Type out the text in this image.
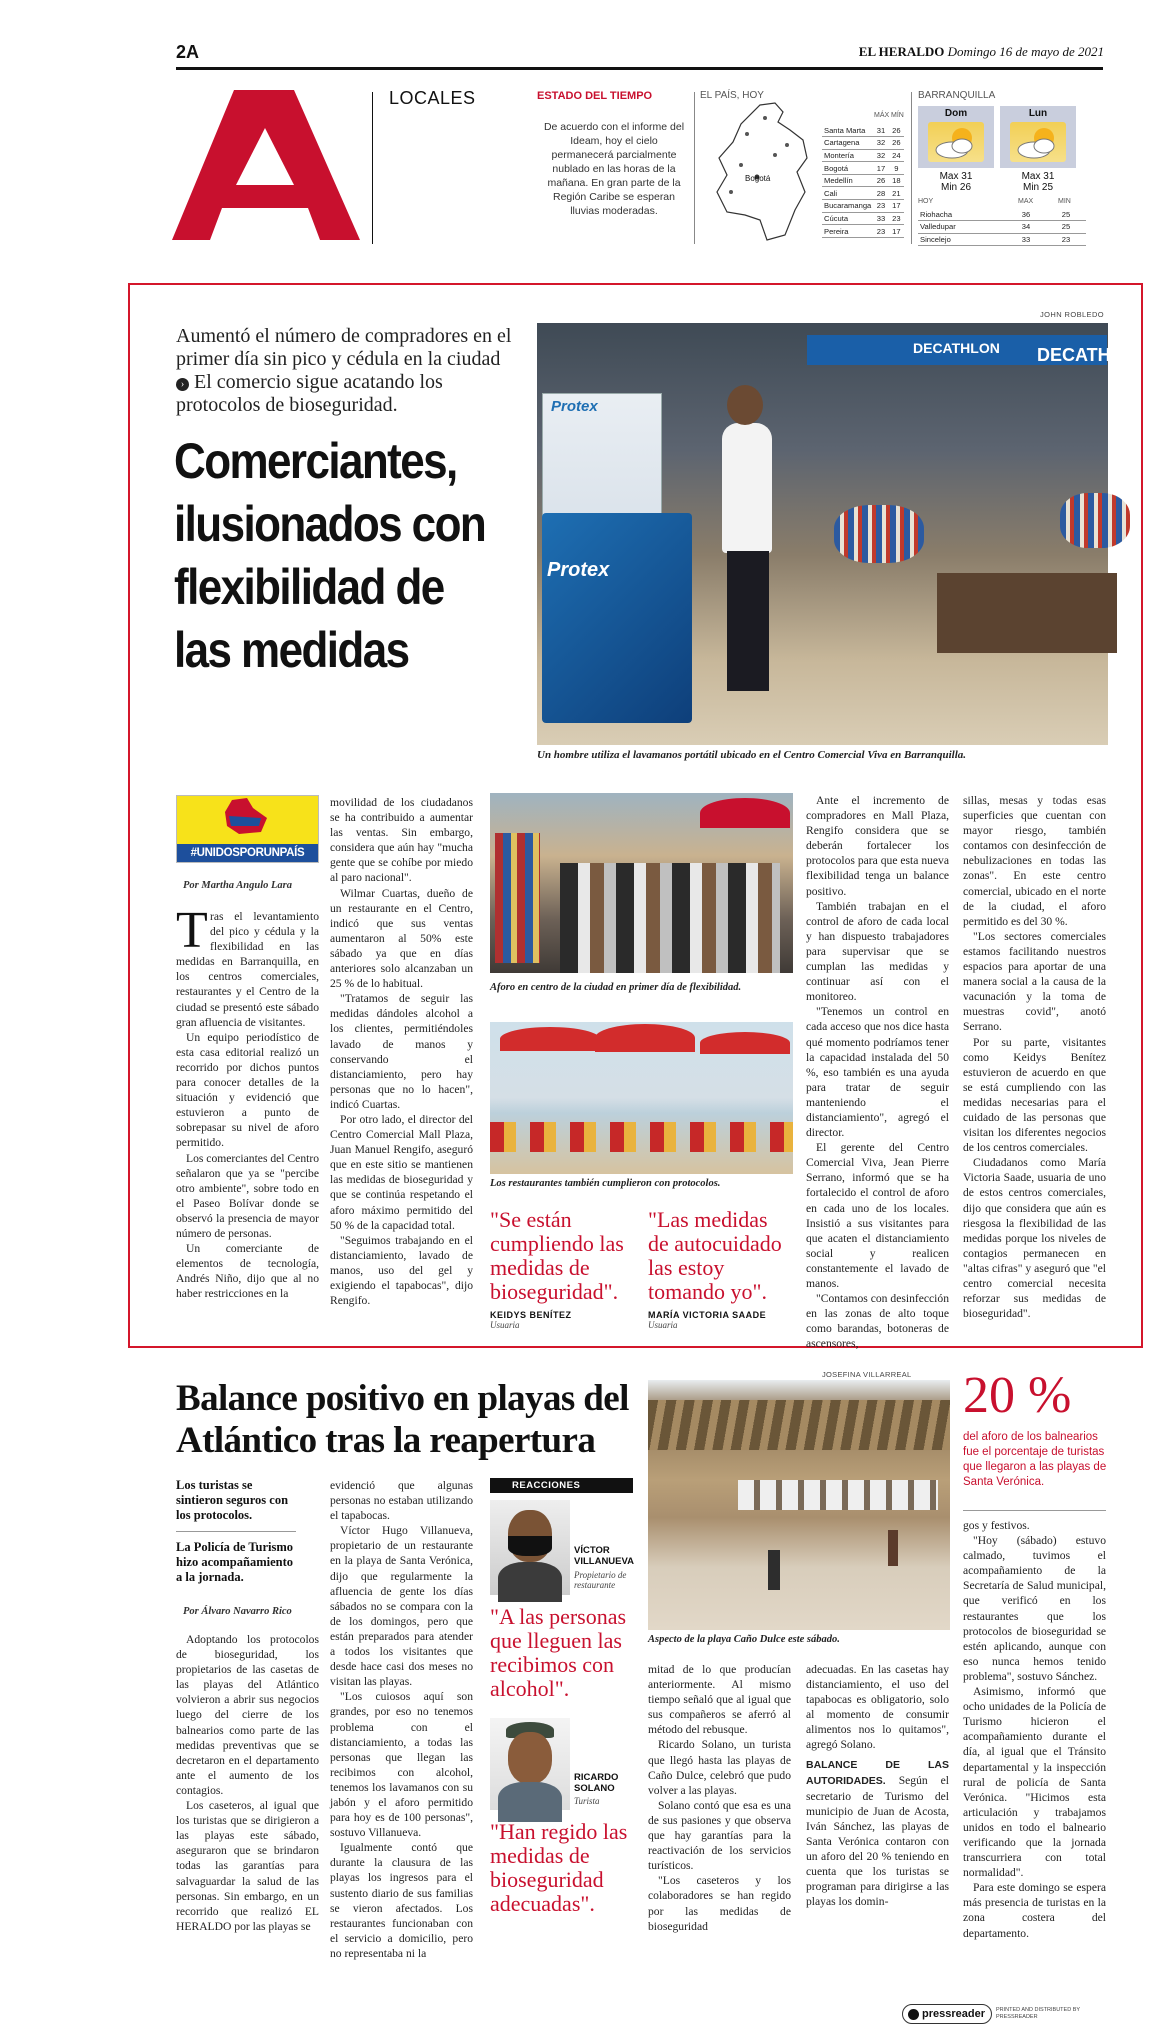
2A	EL HERALDO Domingo 16 de mayo de 2021
LOCALES	ESTADO DEL TIEMPO
De acuerdo con el informe del Ideam, hoy el cielo permanecerá parcialmente nublado en las horas de la mañana. En gran parte de la Región Caribe se esperan lluvias moderadas.
EL PAÍS, HOY
Bogotá
MÁX MÍN
Santa Marta	31	26
Cartagena	32	26
Montería	32	24
Bogotá	17	9
Medellín	26	18
Cali	28	21
Bucaramanga	23	17
Cúcuta	33	23
Pereira	23	17
BARRANQUILLA
Dom	Lun
Max 31
Min 26
Max 31
Min 25
HOY	MAX	MIN
Riohacha	36	25
Valledupar	34	25
Sincelejo	33	23
Aumentó el número de compradores en el primer día sin pico y cédula en la ciudad › El comercio sigue acatando los protocolos de bioseguridad.
Comerciantes, ilusionados con flexibilidad de las medidas
JOHN ROBLEDO
DECATHLON DECATH
Protex
Protex
Un hombre utiliza el lavamanos portátil ubicado en el Centro Comercial Viva en Barranquilla.
#UNIDOSPORUNPAÍS
Por Martha Angulo Lara
T ras el levantamiento del pico y cédula y la flexibilidad en las medidas en Barranquilla, en los centros comerciales, restaurantes y el Centro de la ciudad se presentó este sábado gran afluencia de visitantes.

Un equipo periodístico de esta casa editorial realizó un recorrido por dichos puntos para conocer detalles de la situación y evidenció que estuvieron a punto de sobrepasar su nivel de aforo permitido.

Los comerciantes del Centro señalaron que ya se "percibe otro ambiente", sobre todo en el Paseo Bolívar donde se observó la presencia de mayor número de personas.

Un comerciante de elementos de tecnología, Andrés Niño, dijo que al no haber restricciones en la

movilidad de los ciudadanos se ha contribuido a aumentar las ventas. Sin embargo, considera que aún hay "mucha gente que se cohíbe por miedo al paro nacional".

Wilmar Cuartas, dueño de un restaurante en el Centro, indicó que sus ventas aumentaron al 50% este sábado ya que en días anteriores solo alcanzaban un 25 % de lo habitual.

"Tratamos de seguir las medidas dándoles alcohol a los clientes, permitiéndoles lavado de manos y conservando el distanciamiento, pero hay personas que no lo hacen", indicó Cuartas.

Por otro lado, el director del Centro Comercial Mall Plaza, Juan Manuel Rengifo, aseguró que en este sitio se mantienen las medidas de bioseguridad y que se continúa respetando el aforo máximo permitido del 50 % de la capacidad total.

"Seguimos trabajando en el distanciamiento, lavado de manos, uso del gel y exigiendo el tapabocas", dijo Rengifo.

Aforo en centro de la ciudad en primer día de flexibilidad.
Los restaurantes también cumplieron con protocolos.
"Se están cumpliendo las medidas de bioseguridad".
KEIDYS BENÍTEZ
Usuaria
"Las medidas de autocuidado las estoy tomando yo".
MARÍA VICTORIA SAADE
Usuaria

Ante el incremento de compradores en Mall Plaza, Rengifo considera que se deberán fortalecer los protocolos para que esta nueva flexibilidad tenga un balance positivo.

También trabajan en el control de aforo de cada local y han dispuesto trabajadores para supervisar que se cumplan las medidas y continuar así con el monitoreo.

"Tenemos un control en cada acceso que nos dice hasta qué momento podríamos tener la capacidad instalada del 50 %, eso también es una ayuda para tratar de seguir manteniendo el distanciamiento", agregó el director.

El gerente del Centro Comercial Viva, Jean Pierre Serrano, informó que se ha fortalecido el control de aforo en cada uno de los locales. Insistió a sus visitantes para que acaten el distanciamiento social y realicen constantemente el lavado de manos.

"Contamos con desinfección en las zonas de alto toque como barandas, botoneras de ascensores,

sillas, mesas y todas esas superficies que cuentan con mayor riesgo, también contamos con desinfección de nebulizaciones en todas las zonas". En este centro comercial, ubicado en el norte de la ciudad, el aforo permitido es del 30 %.

"Los sectores comerciales estamos facilitando nuestros espacios para aportar de una manera social a la causa de la vacunación y la toma de muestras covid", anotó Serrano.

Por su parte, visitantes como Keidys Benítez estuvieron de acuerdo en que se está cumpliendo con las medidas necesarias para el cuidado de las personas que visitan los diferentes negocios de los centros comerciales.

Ciudadanos como María Victoria Saade, usuaria de uno de estos centros comerciales, dijo que considera que aún es riesgosa la flexibilidad de las medidas porque los niveles de contagios permanecen en "altas cifras" y aseguró que "el centro comercial necesita reforzar sus medidas de bioseguridad".

Balance positivo en playas del Atlántico tras la reapertura
Los turistas se sintieron seguros con los protocolos.
La Policía de Turismo hizo acompañamiento a la jornada.
Por Álvaro Navarro Rico

Adoptando los protocolos de bioseguridad, los propietarios de las casetas de las playas del Atlántico volvieron a abrir sus negocios luego del cierre de los balnearios como parte de las medidas preventivas que se decretaron en el departamento ante el aumento de los contagios.

Los caseteros, al igual que los turistas que se dirigieron a las playas este sábado, aseguraron que se brindaron todas las garantías para salvaguardar la salud de las personas. Sin embargo, en un recorrido que realizó EL HERALDO por las playas se

evidenció que algunas personas no estaban utilizando el tapabocas.

Víctor Hugo Villanueva, propietario de un restaurante en la playa de Santa Verónica, dijo que regularmente la afluencia de gente los días sábados no se compara con la de los domingos, pero que están preparados para atender a todos los visitantes que desde hace casi dos meses no visitan las playas.

"Los cuiosos aquí son grandes, por eso no tenemos problema con el distanciamiento, a todas las personas que llegan las recibimos con alcohol, tenemos los lavamanos con su jabón y el aforo permitido para hoy es de 100 personas", sostuvo Villanueva.

Igualmente contó que durante la clausura de las playas los ingresos para el sustento diario de sus familias se vieron afectados. Los restaurantes funcionaban con el servicio a domicilio, pero no representaba ni la

REACCIONES
VÍCTOR VILLANUEVA
Propietario de restaurante
"A las personas que lleguen las recibimos con alcohol".
RICARDO SOLANO
Turista
"Han regido las medidas de bioseguridad adecuadas".
JOSEFINA VILLARREAL
Aspecto de la playa Caño Dulce este sábado.

mitad de lo que producían anteriormente. Al mismo tiempo señaló que al igual que sus compañeros se aferró al método del rebusque.

Ricardo Solano, un turista que llegó hasta las playas de Caño Dulce, celebró que pudo volver a las playas.

Solano contó que esa es una de sus pasiones y que observa que hay garantías para la reactivación de los servicios turísticos.

"Los caseteros y los colaboradores se han regido por las medidas de bioseguridad

adecuadas. En las casetas hay distanciamiento, el uso del tapabocas es obligatorio, solo al momento de consumir alimentos nos lo quitamos", agregó Solano.

BALANCE DE LAS AUTORIDADES. Según el secretario de Turismo del municipio de Juan de Acosta, Iván Sánchez, las playas de Santa Verónica contaron con un aforo del 20 % teniendo en cuenta que los turistas se programan para dirigirse a las playas los domin-

20 %
del aforo de los balnearios fue el porcentaje de turistas que llegaron a las playas de Santa Verónica.

gos y festivos.

"Hoy (sábado) estuvo calmado, tuvimos el acompañamiento de la Secretaría de Salud municipal, que verificó en los restaurantes que los protocolos de bioseguridad se estén aplicando, aunque con eso nunca hemos tenido problema", sostuvo Sánchez.

Asimismo, informó que ocho unidades de la Policía de Turismo hicieron el acompañamiento durante el día, al igual que el Tránsito departamental y la inspección rural de policía de Santa Verónica. "Hicimos esta articulación y trabajamos unidos en todo el balneario verificando que la jornada transcurriera con total normalidad".

Para este domingo se espera más presencia de turistas en la zona costera del departamento.

pressreader PRINTED AND DISTRIBUTED BY PRESSREADER
